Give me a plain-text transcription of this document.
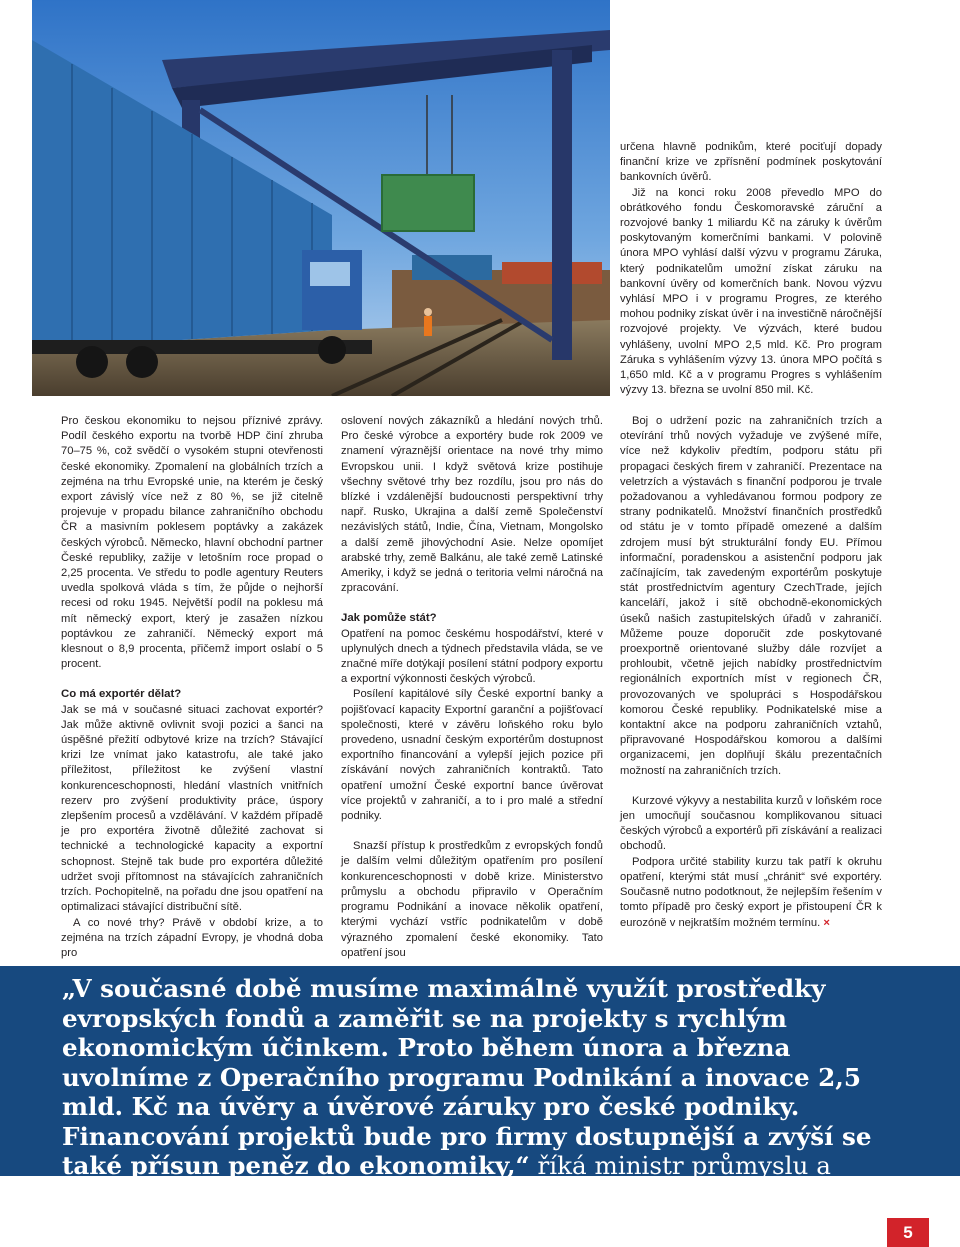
určena hlavně podnikům, které pociťují dopady finanční krize ve zpřísnění podmínek poskytování bankovních úvěrů.

Již na konci roku 2008 převedlo MPO do obrátkového fondu Českomoravské záruční a rozvojové banky 1 miliardu Kč na záruky k úvěrům poskytovaným komerčními bankami. V polovině února MPO vyhlásí další výzvu v programu Záruka, který podnikatelům umožní získat záruku na bankovní úvěry od komerčních bank. Novou výzvu vyhlásí MPO i v programu Progres, ze kterého mohou podniky získat úvěr i na investičně náročnější rozvojové projekty. Ve výzvách, které budou vyhlášeny, uvolní MPO 2,5 mld. Kč. Pro program Záruka s vyhlášením výzvy 13. února MPO počítá s 1,650 mld. Kč a v programu Progres s vyhlášením výzvy 13. března se uvolní 850 mil. Kč.

Pro českou ekonomiku to nejsou příznivé zprávy. Podíl českého exportu na tvorbě HDP činí zhruba 70–75 %, což svědčí o vysokém stupni otevřenosti české ekonomiky. Zpomalení na globálních trzích a zejména na trhu Evropské unie, na kterém je český export závislý více než z 80 %, se již citelně projevuje v propadu bilance zahraničního obchodu ČR a masivním poklesem poptávky a zakázek českých výrobců. Německo, hlavní obchodní partner České republiky, zažije v letošním roce propad o 2,25 procenta. Ve středu to podle agentury Reuters uvedla spolková vláda s tím, že půjde o nejhorší recesi od roku 1945. Největší podíl na poklesu má mít německý export, který je zasažen nízkou poptávkou ze zahraničí. Německý export má klesnout o 8,9 procenta, přičemž import oslabí o 5 procent.

Co má exportér dělat?

Jak se má v současné situaci zachovat exportér? Jak může aktivně ovlivnit svoji pozici a šanci na úspěšné přežití odbytové krize na trzích? Stávající krizi lze vnímat jako katastrofu, ale také jako příležitost, příležitost ke zvýšení vlastní konkurenceschopnosti, hledání vlastních vnitřních rezerv pro zvýšení produktivity práce, úspory zlepšením procesů a vzdělávání. V každém případě je pro exportéra životně důležité zachovat si technické a technologické kapacity a exportní schopnost. Stejně tak bude pro exportéra důležité udržet svoji přítomnost na stávajících zahraničních trzích. Pochopitelně, na pořadu dne jsou opatření na optimalizaci stávající distribuční sítě.

A co nové trhy? Právě v období krize, a to zejména na trzích západní Evropy, je vhodná doba pro

oslovení nových zákazníků a hledání nových trhů. Pro české výrobce a exportéry bude rok 2009 ve znamení výraznější orientace na nové trhy mimo Evropskou unii. I když světová krize postihuje všechny světové trhy bez rozdílu, jsou pro nás do blízké i vzdálenější budoucnosti perspektivní trhy např. Rusko, Ukrajina a další země Společenství nezávislých států, Indie, Čína, Vietnam, Mongolsko a další země jihovýchodní Asie. Nelze opomíjet arabské trhy, země Balkánu, ale také země Latinské Ameriky, i když se jedná o teritoria velmi náročná na zpracování.

Jak pomůže stát?

Opatření na pomoc českému hospodářství, které v uplynulých dnech a týdnech představila vláda, se ve značné míře dotýkají posílení státní podpory exportu a exportní výkonnosti českých výrobců.

Posílení kapitálové síly České exportní banky a pojišťovací kapacity Exportní garanční a pojišťovací společnosti, které v závěru loňského roku bylo provedeno, usnadní českým exportérům dostupnost exportního financování a vylepší jejich pozice při získávání nových zahraničních kontraktů. Tato opatření umožní České exportní bance úvěrovat více projektů v zahraničí, a to i pro malé a střední podniky.

Snazší přístup k prostředkům z evropských fondů je dalším velmi důležitým opatřením pro posílení konkurenceschopnosti v době krize. Ministerstvo průmyslu a obchodu připravilo v Operačním programu Podnikání a inovace několik opatření, kterými vychází vstříc podnikatelům v době výrazného zpomalení české ekonomiky. Tato opatření jsou

Boj o udržení pozic na zahraničních trzích a otevírání trhů nových vyžaduje ve zvýšené míře, více než kdykoliv předtím, podporu státu při propagaci českých firem v zahraničí. Prezentace na veletrzích a výstavách s finanční podporou je trvale požadovanou a vyhledávanou formou podpory ze strany podnikatelů. Množství finančních prostředků od státu je v tomto případě omezené a dalším zdrojem musí být strukturální fondy EU. Přímou informační, poradenskou a asistenční podporu jak začínajícím, tak zavedeným exportérům poskytuje stát prostřednictvím agentury CzechTrade, jejích kanceláří, jakož i sítě obchodně-ekonomických úseků našich zastupitelských úřadů v zahraničí. Můžeme pouze doporučit zde poskytované proexportně orientované služby dále rozvíjet a prohloubit, včetně jejich nabídky prostřednictvím regionálních exportních míst v regionech ČR, provozovaných ve spolupráci s Hospodářskou komorou České republiky. Podnikatelské mise a kontaktní akce na podporu zahraničních vztahů, připravované Hospodářskou komorou a dalšími organizacemi, jen doplňují škálu prezentačních možností na zahraničních trzích.

Kurzové výkyvy a nestabilita kurzů v loňském roce jen umocňují současnou komplikovanou situaci českých výrobců a exportérů při získávání a realizaci obchodů.

Podpora určité stability kurzu tak patří k okruhu opatření, kterými stát musí „chránit“ své exportéry. Současně nutno podotknout, že nejlepším řešením v tomto případě pro český export je přistoupení ČR k eurozóně v nejkratším možném termínu. ×

„V současné době musíme maximálně využít prostředky evropských fondů a zaměřit se na projekty s rychlým ekonomickým účinkem. Proto během února a března uvolníme z Operačního programu Podnikání a inovace 2,5 mld. Kč na úvěry a úvěrové záruky pro české podniky. Financování projektů bude pro firmy dostupnější a zvýší se také přísun peněz do ekonomiky,“ říká ministr průmyslu a obchodu Martin Říman.

5
